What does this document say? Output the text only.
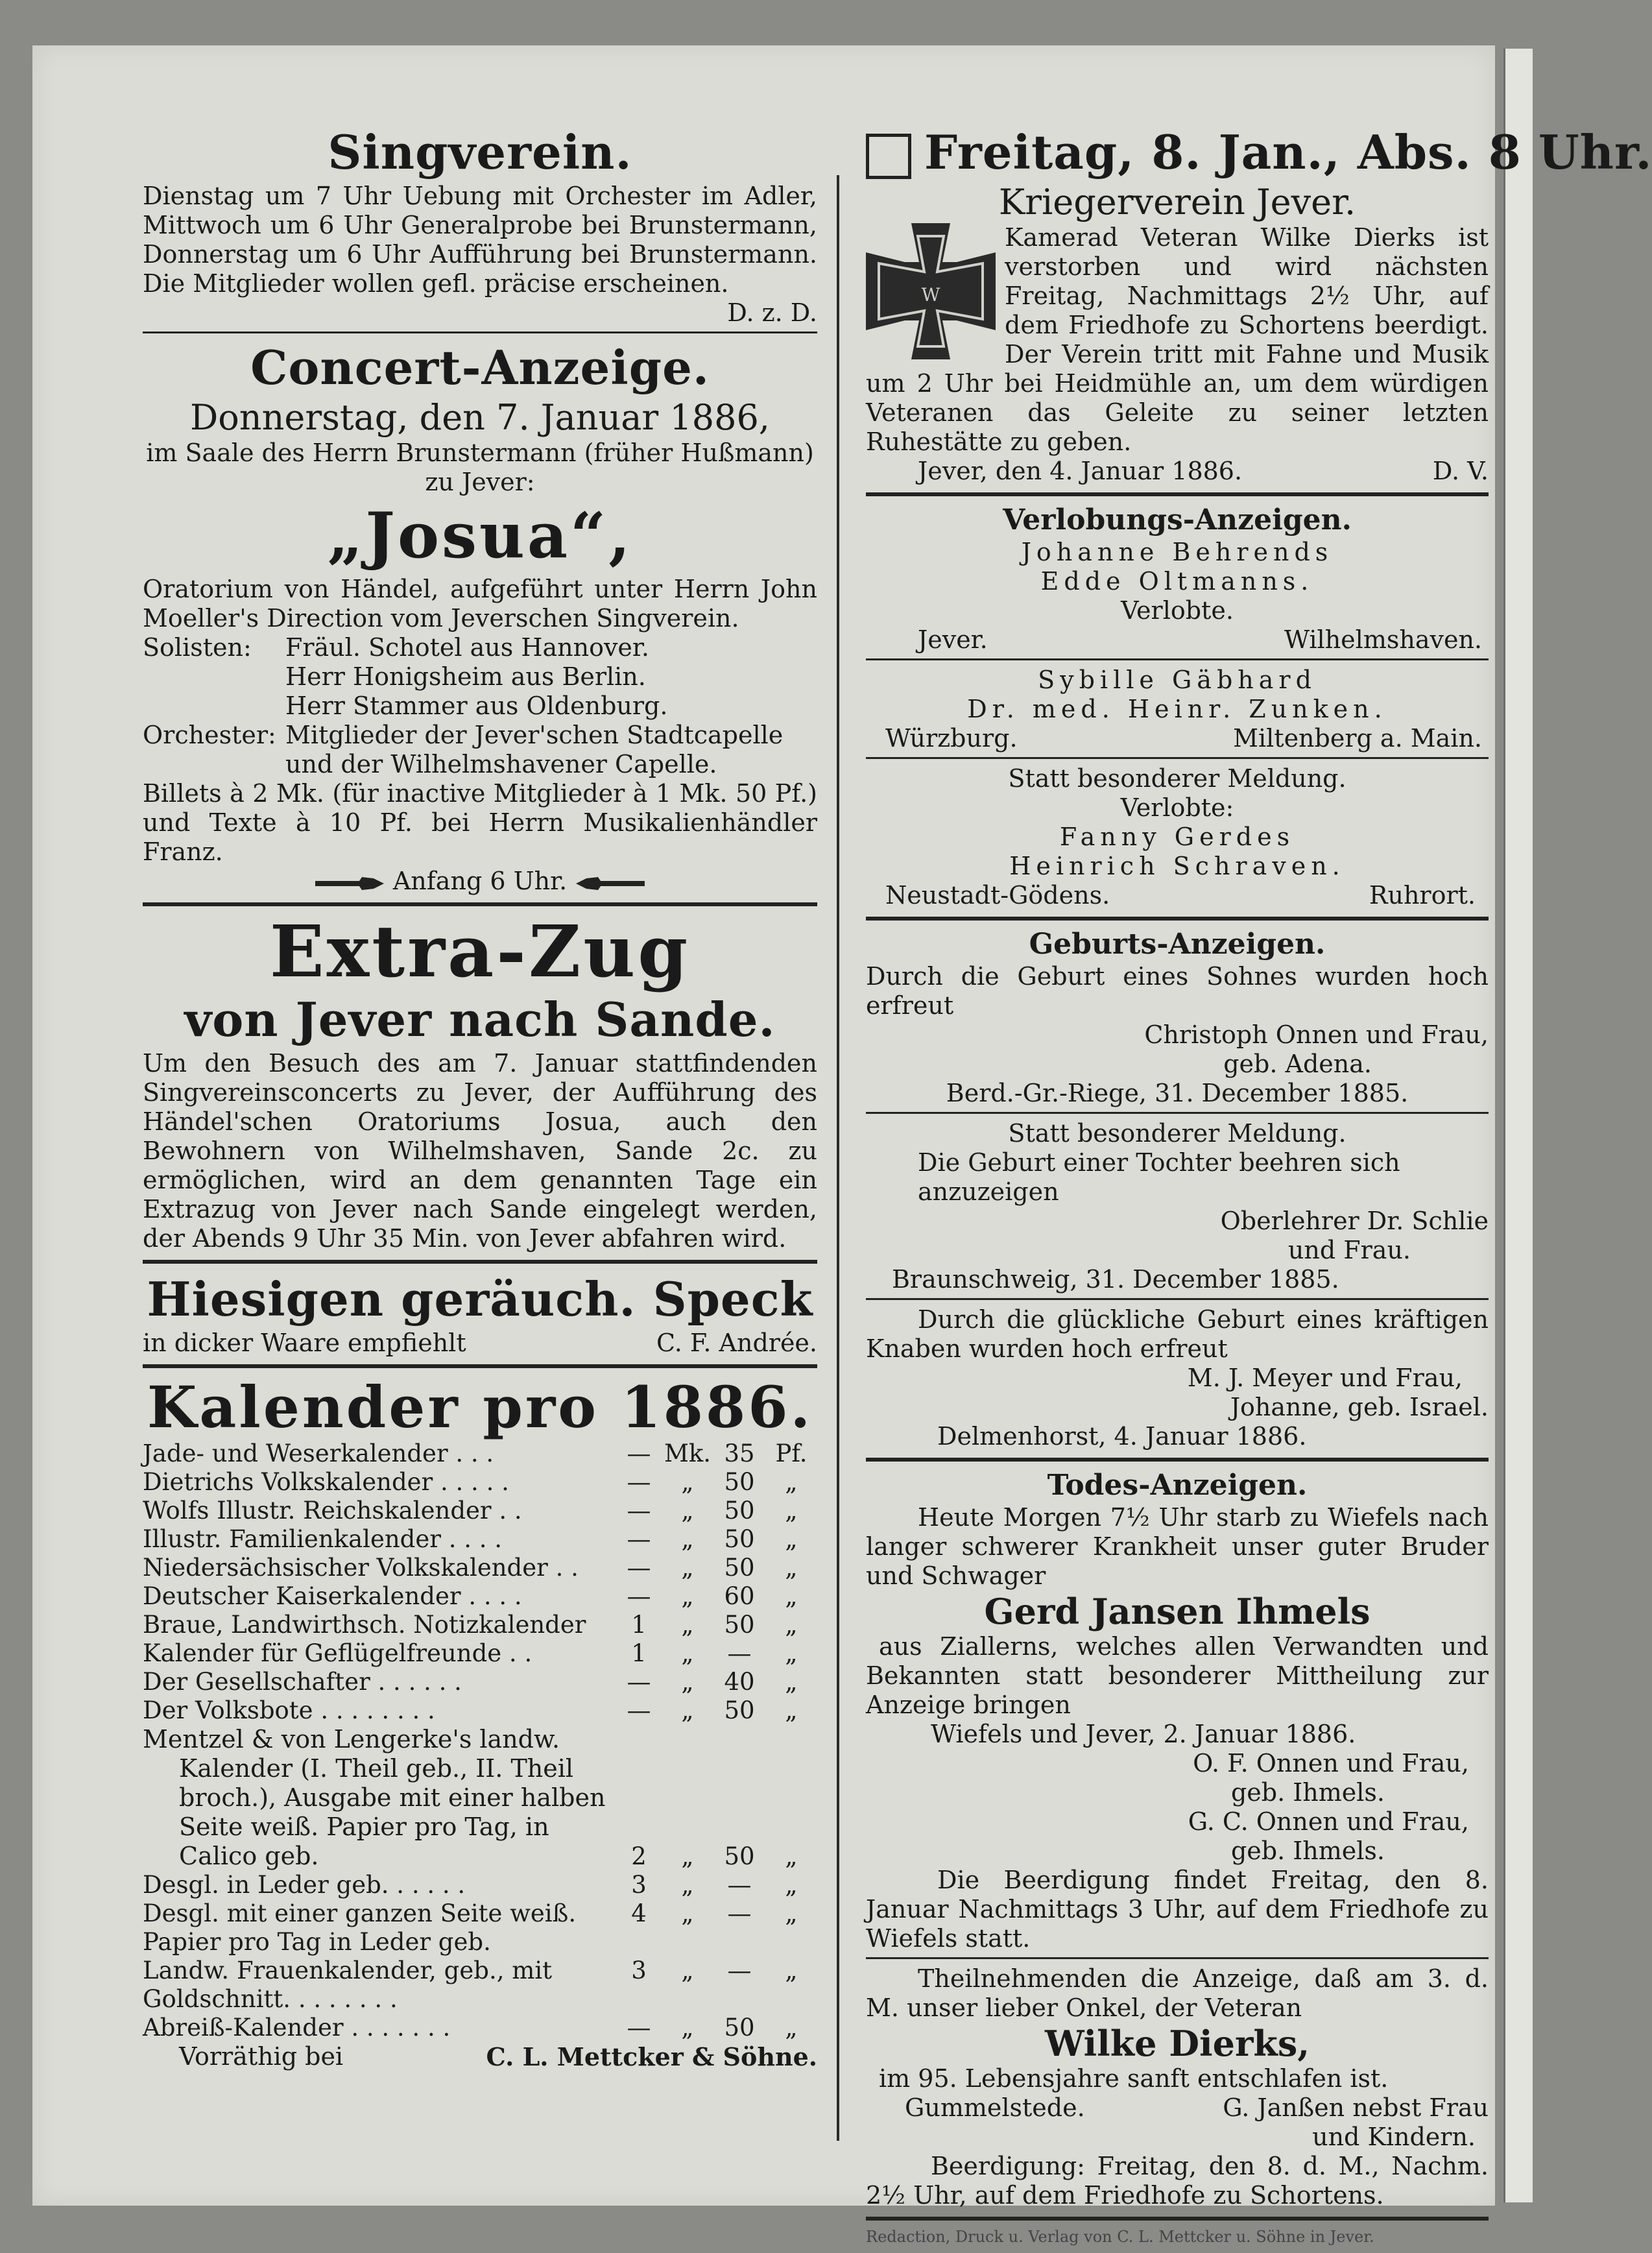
Singverein.
Dienstag um 7 Uhr Uebung mit Orchester im Adler, Mittwoch um 6 Uhr Generalprobe bei Brunstermann, Donnerstag um 6 Uhr Aufführung bei Brunstermann. Die Mitglieder wollen gefl. präcise erscheinen.
D. z. D.
Concert-Anzeige.
Donnerstag, den 7. Januar 1886,
im Saale des Herrn Brunstermann (früher Hußmann)
zu Jever:
„Josua“,
Oratorium von Händel, aufgeführt unter Herrn John Moeller's Direction vom Jeverschen Singverein.
Solisten:	Fräul. Schotel aus Hannover.
Herr Honigsheim aus Berlin.
Herr Stammer aus Oldenburg.
Orchester: Mitglieder der Jever'schen Stadtcapelle
und der Wilhelmshavener Capelle.
Billets à 2 Mk. (für inactive Mitglieder à 1 Mk. 50 Pf.) und Texte à 10 Pf. bei Herrn Musikalienhändler Franz.
Anfang 6 Uhr.
Extra-Zug
von Jever nach Sande.
Um den Besuch des am 7. Januar stattfindenden Singvereinsconcerts zu Jever, der Aufführung des Händel'schen Oratoriums Josua, auch den Bewohnern von Wilhelmshaven, Sande 2c. zu ermöglichen, wird an dem genannten Tage ein Extrazug von Jever nach Sande eingelegt werden, der Abends 9 Uhr 35 Min. von Jever abfahren wird.
Hiesigen geräuch. Speck
in dicker Waare empfiehlt	C. F. Andrée.
Kalender pro 1886.
Jade- und Weserkalender . . .	— Mk. 35 Pf.
Dietrichs Volkskalender . . . . .	—	„	50	„
Wolfs Illustr. Reichskalender . .	—	„	50	„
Illustr. Familienkalender . . . .	—	„	50	„
Niedersächsischer Volkskalender . .	—	„	50	„
Deutscher Kaiserkalender . . . .	—	„	60	„
Braue, Landwirthsch. Notizkalender	1	„	50	„
Kalender für Geflügelfreunde . .	1	„	—	„
Der Gesellschafter . . . . . .	—	„	40	„
Der Volksbote . . . . . . . .	—	„	50	„
Mentzel & von Lengerke's landw. Kalender (I. Theil geb., II. Theil broch.), Ausgabe mit einer halben Seite weiß. Papier pro Tag, in Calico geb.	2	„	50	„
Desgl. in Leder geb. . . . . .	3	„	—	„
Desgl. mit einer ganzen Seite weiß. Papier pro Tag in Leder geb.
4	„	—	„
Landw. Frauenkalender, geb., mit Goldschnitt. . . . . . . .
3	„	—	„
Abreiß-Kalender . . . . . . .	—	„	50	„
Vorräthig bei	C. L. Mettcker & Söhne.
Freitag, 8. Jan., Abs. 8 Uhr.
Kriegerverein Jever.
W
Kamerad Veteran Wilke Dierks ist verstorben und wird nächsten Freitag, Nachmittags 2½ Uhr, auf dem Friedhofe zu Schortens beerdigt. Der Verein tritt mit Fahne und Musik um 2 Uhr bei Heidmühle an, um dem würdigen Veteranen das Geleite zu seiner letzten Ruhestätte zu geben.
Jever, den 4. Januar 1886.	D. V.
Verlobungs-Anzeigen.
Johanne Behrends
Edde Oltmanns.
Verlobte.
Jever.	Wilhelmshaven.
Sybille Gäbhard
Dr. med. Heinr. Zunken.
Würzburg.	Miltenberg a. Main.
Statt besonderer Meldung.
Verlobte:
Fanny Gerdes
Heinrich Schraven.
Neustadt-Gödens.	Ruhrort.
Geburts-Anzeigen.
Durch die Geburt eines Sohnes wurden hoch erfreut
Christoph Onnen und Frau,
geb. Adena.
Berd.-Gr.-Riege, 31. December 1885.
Statt besonderer Meldung.
Die Geburt einer Tochter beehren sich anzuzeigen
Oberlehrer Dr. Schlie
und Frau.
Braunschweig, 31. December 1885.
Durch die glückliche Geburt eines kräftigen Knaben wurden hoch erfreut
M. J. Meyer und Frau,
Johanne, geb. Israel.
Delmenhorst, 4. Januar 1886.
Todes-Anzeigen.
Heute Morgen 7½ Uhr starb zu Wiefels nach langer schwerer Krankheit unser guter Bruder und Schwager
Gerd Jansen Ihmels
aus Ziallerns, welches allen Verwandten und Bekannten statt besonderer Mittheilung zur Anzeige bringen
Wiefels und Jever, 2. Januar 1886.
O. F. Onnen und Frau,
geb. Ihmels.
G. C. Onnen und Frau,
geb. Ihmels.
Die Beerdigung findet Freitag, den 8. Januar Nachmittags 3 Uhr, auf dem Friedhofe zu Wiefels statt.
Theilnehmenden die Anzeige, daß am 3. d. M. unser lieber Onkel, der Veteran
Wilke Dierks,
im 95. Lebensjahre sanft entschlafen ist.
Gummelstede.	G. Janßen nebst Frau
und Kindern.
Beerdigung: Freitag, den 8. d. M., Nachm. 2½ Uhr, auf dem Friedhofe zu Schortens.
Redaction, Druck u. Verlag von C. L. Mettcker u. Söhne in Jever.
